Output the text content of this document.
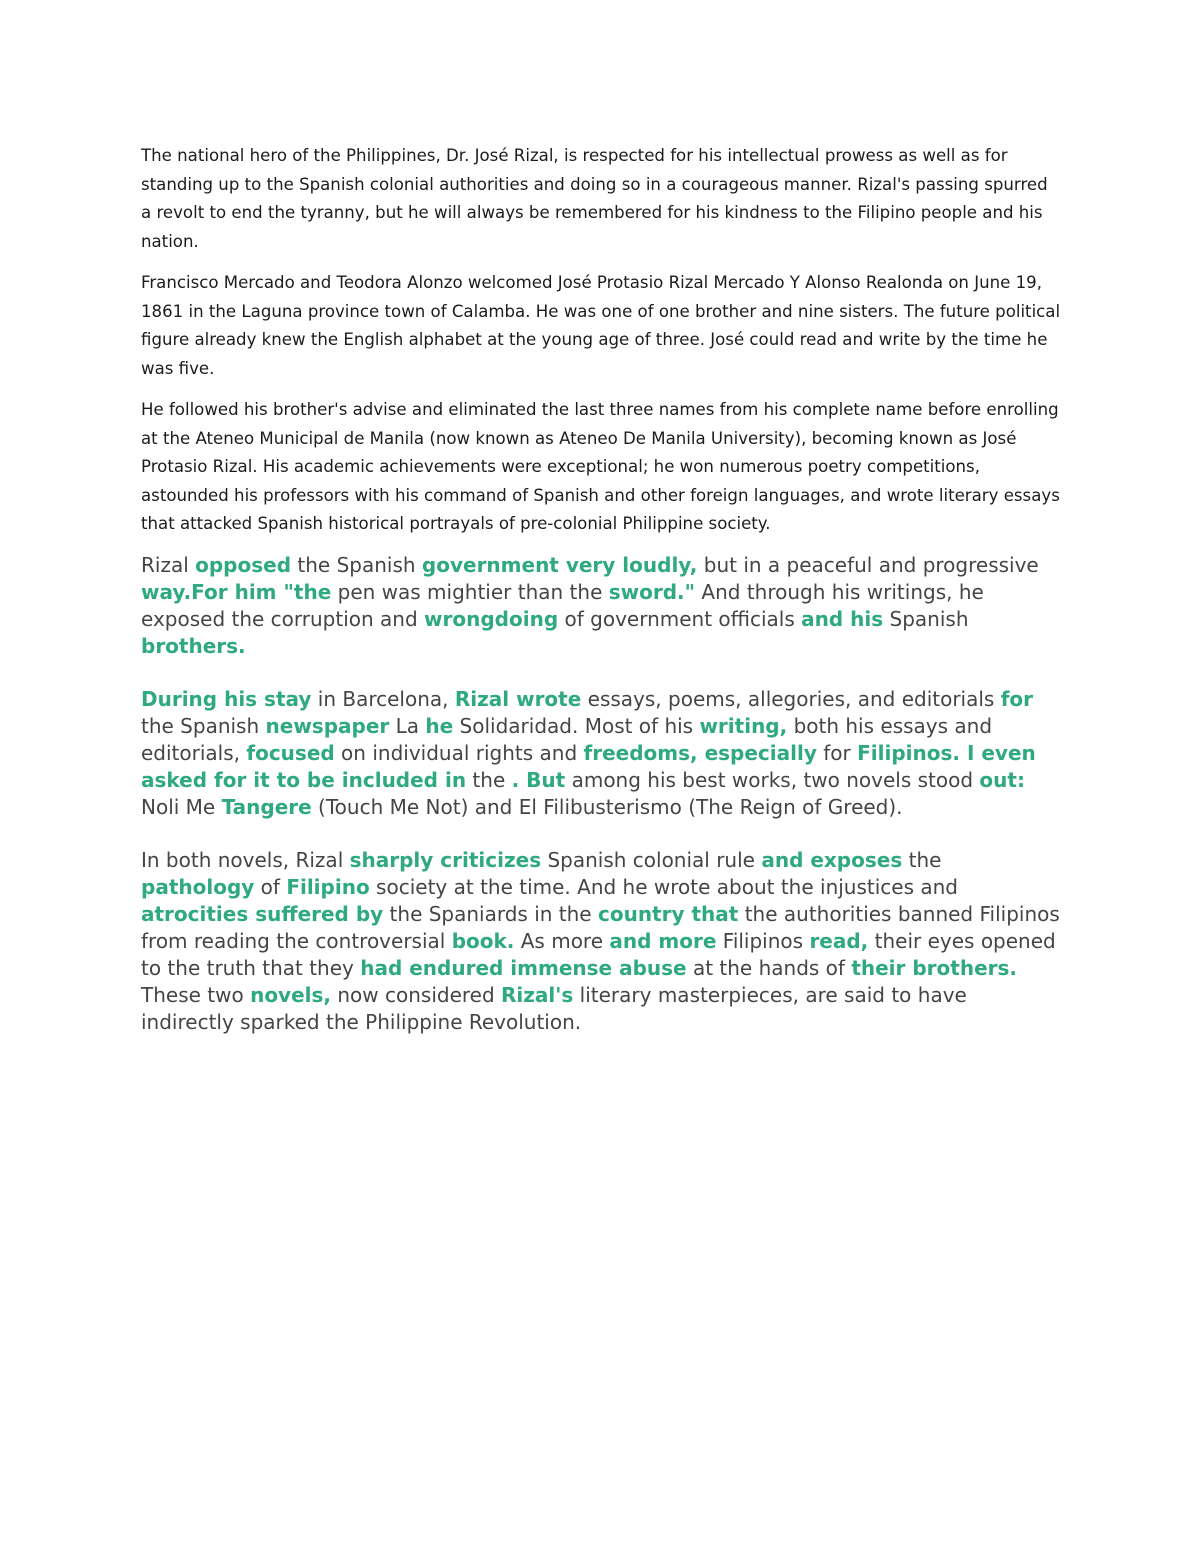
The national hero of the Philippines, Dr. José Rizal, is respected for his intellectual prowess as well as for standing up to the Spanish colonial authorities and doing so in a courageous manner. Rizal's passing spurred a revolt to end the tyranny, but he will always be remembered for his kindness to the Filipino people and his nation.

Francisco Mercado and Teodora Alonzo welcomed José Protasio Rizal Mercado Y Alonso Realonda on June 19, 1861 in the Laguna province town of Calamba. He was one of one brother and nine sisters. The future political figure already knew the English alphabet at the young age of three. José could read and write by the time he was five.

He followed his brother's advise and eliminated the last three names from his complete name before enrolling at the Ateneo Municipal de Manila (now known as Ateneo De Manila University), becoming known as José Protasio Rizal. His academic achievements were exceptional; he won numerous poetry competitions, astounded his professors with his command of Spanish and other foreign languages, and wrote literary essays that attacked Spanish historical portrayals of pre-colonial Philippine society.

Rizal opposed the Spanish government very loudly, but in a peaceful and progressive way.For him "the pen was mightier than the sword." And through his writings, he exposed the corruption and wrongdoing of government officials and his Spanish brothers.

During his stay in Barcelona, Rizal wrote essays, poems, allegories, and editorials for the Spanish newspaper La he Solidaridad. Most of his writing, both his essays and editorials, focused on individual rights and freedoms, especially for Filipinos. I even asked for it to be included in the . But among his best works, two novels stood out: Noli Me Tangere (Touch Me Not) and El Filibusterismo (The Reign of Greed).

In both novels, Rizal sharply criticizes Spanish colonial rule and exposes the pathology of Filipino society at the time. And he wrote about the injustices and atrocities suffered by the Spaniards in the country that the authorities banned Filipinos from reading the controversial book. As more and more Filipinos read, their eyes opened to the truth that they had endured immense abuse at the hands of their brothers. These two novels, now considered Rizal's literary masterpieces, are said to have indirectly sparked the Philippine Revolution.
